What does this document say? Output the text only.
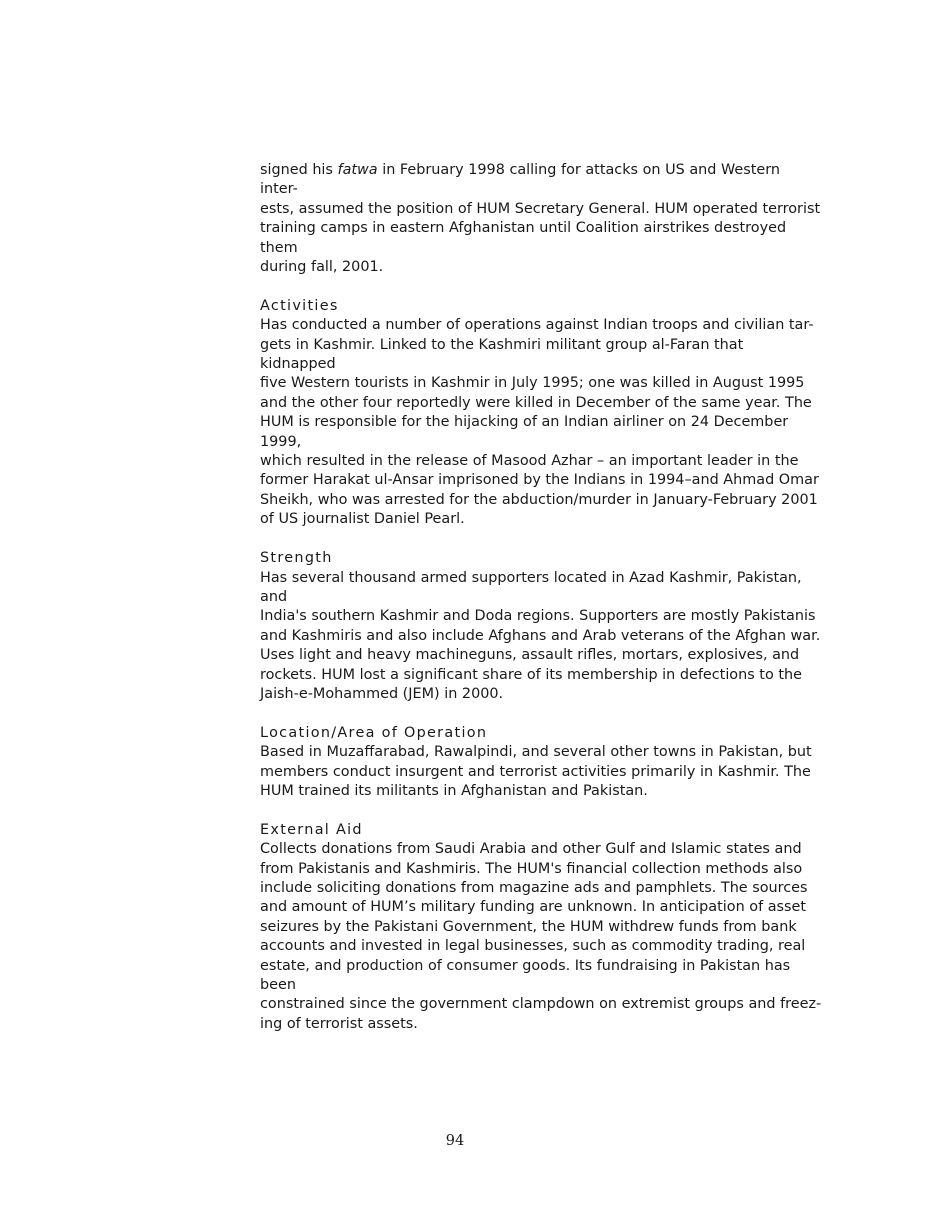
signed his fatwa in February 1998 calling for attacks on US and Western inter-
ests, assumed the position of HUM Secretary General. HUM operated terrorist
training camps in eastern Afghanistan until Coalition airstrikes destroyed them
during fall, 2001.

Activities

Has conducted a number of operations against Indian troops and civilian tar-
gets in Kashmir. Linked to the Kashmiri militant group al-Faran that kidnapped
five Western tourists in Kashmir in July 1995; one was killed in August 1995
and the other four reportedly were killed in December of the same year. The
HUM is responsible for the hijacking of an Indian airliner on 24 December 1999,
which resulted in the release of Masood Azhar – an important leader in the
former Harakat ul-Ansar imprisoned by the Indians in 1994–and Ahmad Omar
Sheikh, who was arrested for the abduction/murder in January-February 2001
of US journalist Daniel Pearl.

Strength

Has several thousand armed supporters located in Azad Kashmir, Pakistan, and
India's southern Kashmir and Doda regions. Supporters are mostly Pakistanis
and Kashmiris and also include Afghans and Arab veterans of the Afghan war.
Uses light and heavy machineguns, assault rifles, mortars, explosives, and
rockets. HUM lost a significant share of its membership in defections to the
Jaish-e-Mohammed (JEM) in 2000.

Location/Area of Operation

Based in Muzaffarabad, Rawalpindi, and several other towns in Pakistan, but
members conduct insurgent and terrorist activities primarily in Kashmir. The
HUM trained its militants in Afghanistan and Pakistan.

External Aid

Collects donations from Saudi Arabia and other Gulf and Islamic states and
from Pakistanis and Kashmiris. The HUM's financial collection methods also
include soliciting donations from magazine ads and pamphlets. The sources
and amount of HUM’s military funding are unknown. In anticipation of asset
seizures by the Pakistani Government, the HUM withdrew funds from bank
accounts and invested in legal businesses, such as commodity trading, real
estate, and production of consumer goods. Its fundraising in Pakistan has been
constrained since the government clampdown on extremist groups and freez-
ing of terrorist assets.

94
